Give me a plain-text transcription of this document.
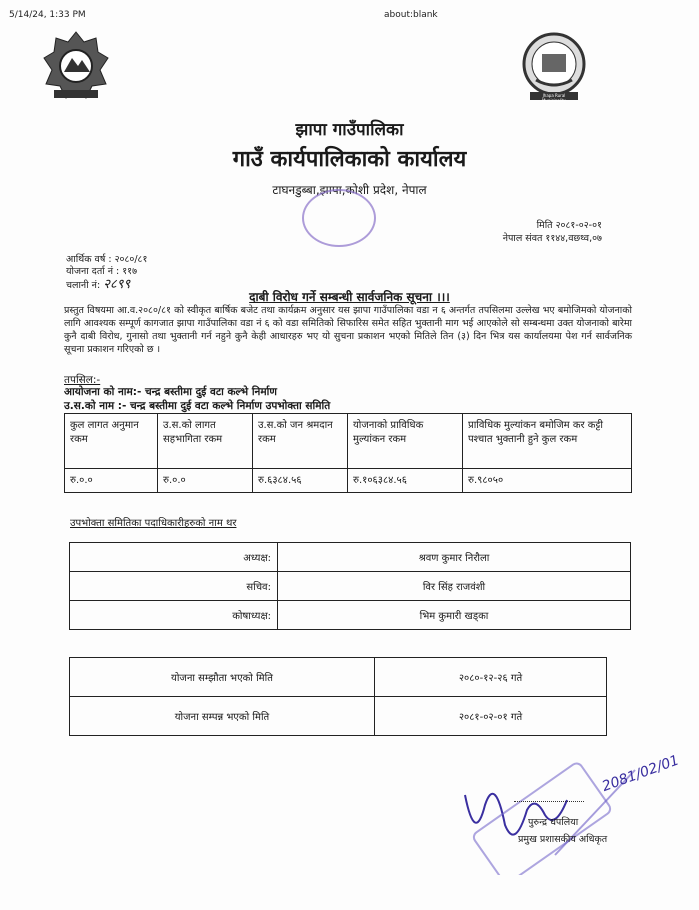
5/14/24, 1:33 PM	about:blank
Jhapa Rural Municipality
झापा गाउँपालिका
गाउँ कार्यपालिकाको कार्यालय
टाघनडुब्बा,झापा,कोशी प्रदेश, नेपाल
मिति २०८१-०२-०१
नेपाल संवत ११४४,वछ्थ्व,०७
आर्थिक वर्ष : २०८०/८१
योजना दर्ता नं : ११७
चलानी नं: २८९९
दाबी विरोध गर्ने सम्बन्धी सार्वजनिक सूचना ।।।
प्रस्तुत विषयमा आ.व.२०८०/८१ को स्वीकृत बार्षिक बजेट तथा कार्यक्रम अनुसार यस झापा गाउँपालिका वडा न ६ अन्तर्गत तपसिलमा उल्लेख भए बमोजिमको योजनाको लागि आवश्यक सम्पूर्ण कागजात झापा गाउँपालिका वडा नं ६ को वडा समितिको सिफारिस समेत सहित भुक्तानी माग भई आएकोले सो सम्बन्धमा उक्त योजनाको बारेमा कुनै दाबी विरोध, गुनासो तथा भुक्तानी गर्न नहुने कुनै केही आधारहरु भए यो सुचना प्रकाशन भएको मितिले तिन (३) दिन भित्र यस कार्यालयमा पेश गर्न सार्वजनिक सूचना प्रकाशन गरिएको छ ।
तपसिल:-
आयोजना को नाम:- चन्द्र बस्तीमा दुई वटा कल्भे निर्माण
उ.स.को नाम :- चन्द्र बस्तीमा दुई वटा कल्भे निर्माण उपभोक्ता समिति
कुल लागत अनुमान रकम	उ.स.को लागत सहभागिता रकम	उ.स.को जन श्रमदान रकम	योजनाको प्राविधिक मुल्यांकन रकम	प्राविधिक मुल्यांकन बमोजिम कर कट्टी पश्चात भुक्तानी हुने कुल रकम
रु.०.०	रु.०.०	रु.६३८४.५६	रु.१०६३८४.५६	रु.९८०५०
उपभोक्ता समितिका पदाधिकारीहरुको नाम थर
अध्यक्ष:	श्रवण कुमार निरौला
सचिव:	विर सिंह राजवंशी
कोषाध्यक्ष:	भिम कुमारी खड्का
योजना सम्झौता भएको मिति	२०८०-१२-२६ गते
योजना सम्पन्न भएको मिति	२०८१-०२-०१ गते
2081/02/01
पुरुन्द्र धपलिया
प्रमुख प्रशासकीय अधिकृत
